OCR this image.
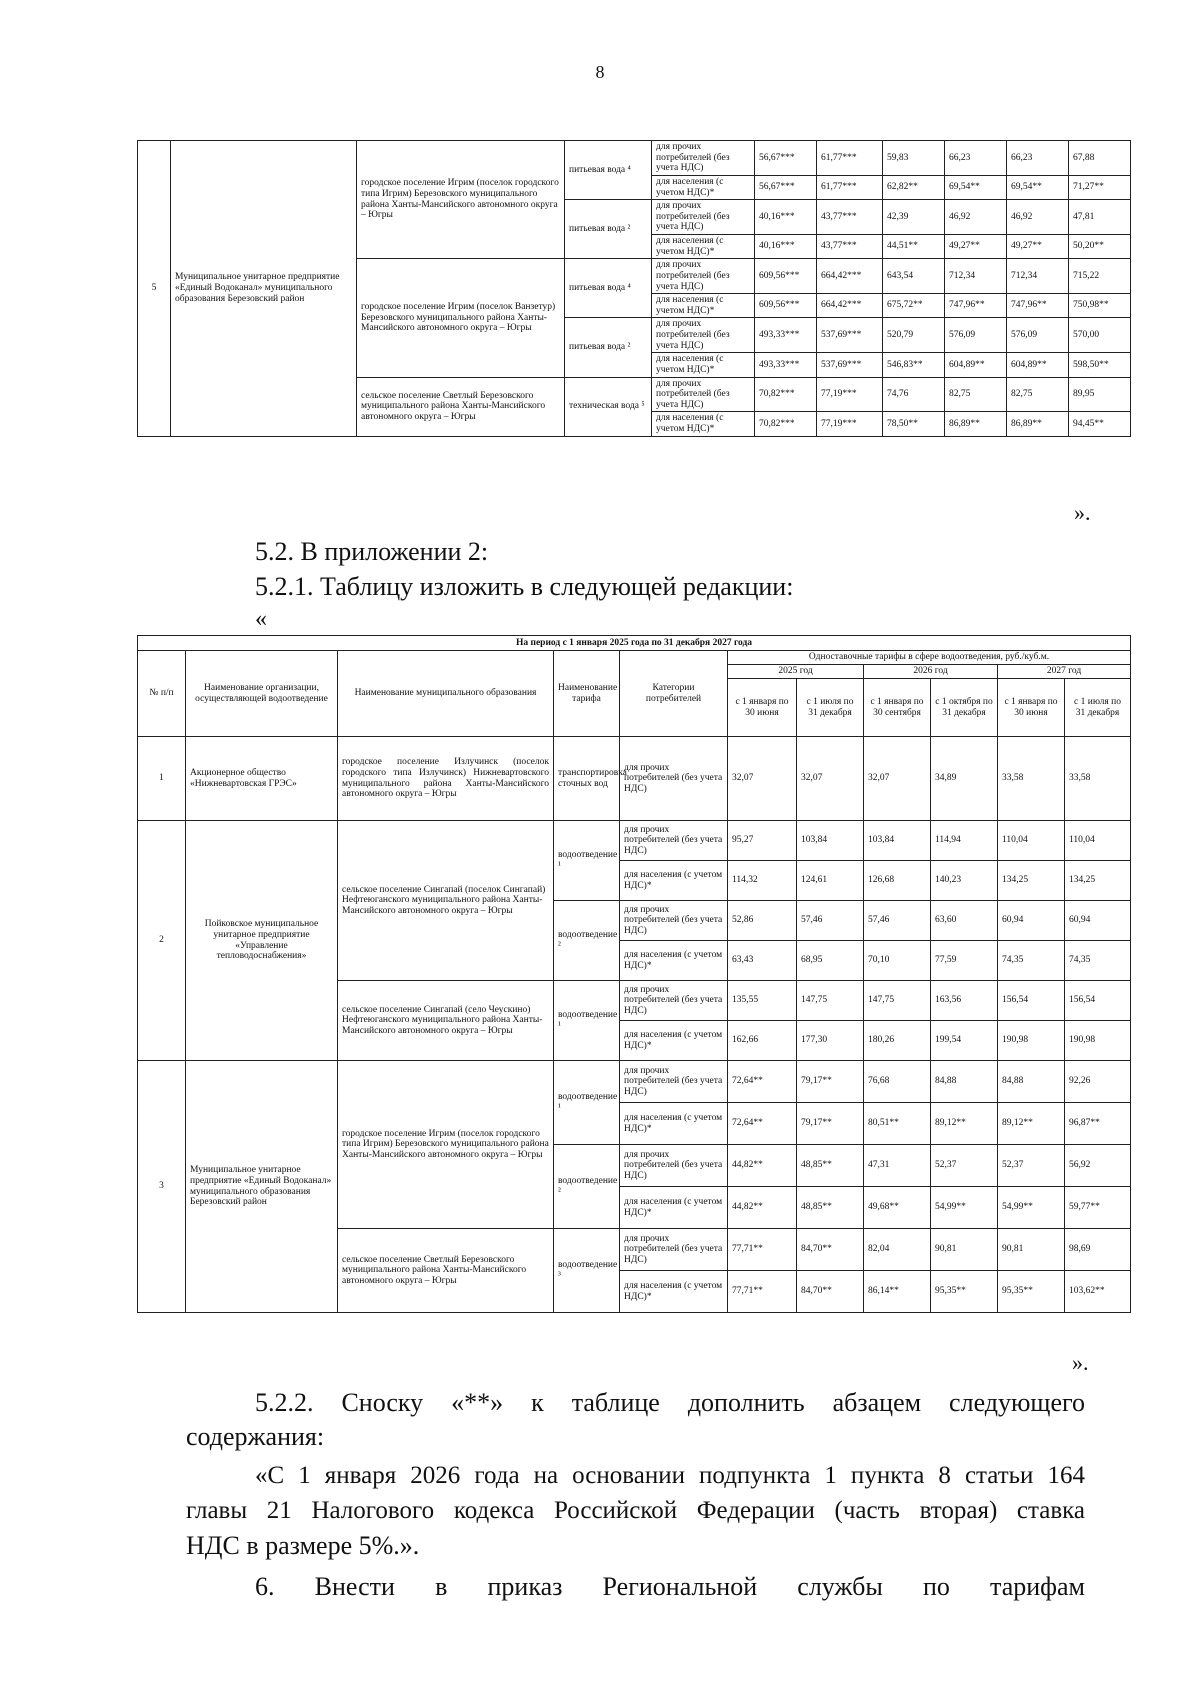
8
5	Муниципальное унитарное предприятие «Единый Водоканал» муниципального образования Березовский район	городское поселение Игрим (поселок городского типа Игрим) Березовского муниципального района Ханты-Мансийского автономного округа – Югры	питьевая вода ⁴	для прочих потребителей (без учета НДС)	56,67***	61,77***	59,83	66,23	66,23	67,88
				для населения (с учетом НДС)*	56,67***	61,77***	62,82**	69,54**	69,54**	71,27**
			питьевая вода ²	для прочих потребителей (без учета НДС)	40,16***	43,77***	42,39	46,92	46,92	47,81
				для населения (с учетом НДС)*	40,16***	43,77***	44,51**	49,27**	49,27**	50,20**
		городское поселение Игрим (поселок Ванзетур) Березовского муниципального района Ханты-Мансийского автономного округа – Югры	питьевая вода ⁴	для прочих потребителей (без учета НДС)	609,56***	664,42***	643,54	712,34	712,34	715,22
				для населения (с учетом НДС)*	609,56***	664,42***	675,72**	747,96**	747,96**	750,98**
			питьевая вода ²	для прочих потребителей (без учета НДС)	493,33***	537,69***	520,79	576,09	576,09	570,00
				для населения (с учетом НДС)*	493,33***	537,69***	546,83**	604,89**	604,89**	598,50**
		сельское поселение Светлый Березовского муниципального района Ханты-Мансийского автономного округа – Югры	техническая вода ⁵	для прочих потребителей (без учета НДС)	70,82***	77,19***	74,76	82,75	82,75	89,95
				для населения (с учетом НДС)*	70,82***	77,19***	78,50**	86,89**	86,89**	94,45**
».
5.2. В приложении 2:
5.2.1. Таблицу изложить в следующей редакции:
«
На период с 1 января 2025 года по 31 декабря 2027 года										
№ п/п	Наименование организации, осуществляющей водоотведение	Наименование муниципального образования	Наименование тарифа	Категории потребителей	Одноставочные тарифы в сфере водоотведения, руб./куб.м.					
					2025 год		2026 год		2027 год	
					с 1 января по 30 июня	с 1 июля по 31 декабря	с 1 января по 30 сентября	с 1 октября по 31 декабря	с 1 января по 30 июня	с 1 июля по 31 декабря
1	Акционерное общество «Нижневартовская ГРЭС»	городское поселение Излучинск (поселок городского типа Излучинск) Нижневартовского муниципального района Ханты-Мансийского автономного округа – Югры	транспортировка сточных вод	для прочих потребителей (без учета НДС)	32,07	32,07	32,07	34,89	33,58	33,58
2	Пойковское муниципальное унитарное предприятие «Управление тепловодоснабжения»	сельское поселение Сингапай (поселок Сингапай) Нефтеюганского муниципального района Ханты-Мансийского автономного округа – Югры	водоотведение ¹	для прочих потребителей (без учета НДС)	95,27	103,84	103,84	114,94	110,04	110,04
				для населения (с учетом НДС)*	114,32	124,61	126,68	140,23	134,25	134,25
			водоотведение ²	для прочих потребителей (без учета НДС)	52,86	57,46	57,46	63,60	60,94	60,94
				для населения (с учетом НДС)*	63,43	68,95	70,10	77,59	74,35	74,35
		сельское поселение Сингапай (село Чеускино) Нефтеюганского муниципального района Ханты-Мансийского автономного округа – Югры	водоотведение ¹	для прочих потребителей (без учета НДС)	135,55	147,75	147,75	163,56	156,54	156,54
				для населения (с учетом НДС)*	162,66	177,30	180,26	199,54	190,98	190,98
3	Муниципальное унитарное предприятие «Единый Водоканал» муниципального образования Березовский район	городское поселение Игрим (поселок городского типа Игрим) Березовского муниципального района Ханты-Мансийского автономного округа – Югры	водоотведение ¹	для прочих потребителей (без учета НДС)	72,64**	79,17**	76,68	84,88	84,88	92,26
				для населения (с учетом НДС)*	72,64**	79,17**	80,51**	89,12**	89,12**	96,87**
			водоотведение ²	для прочих потребителей (без учета НДС)	44,82**	48,85**	47,31	52,37	52,37	56,92
				для населения (с учетом НДС)*	44,82**	48,85**	49,68**	54,99**	54,99**	59,77**
		сельское поселение Светлый Березовского муниципального района Ханты-Мансийского автономного округа – Югры	водоотведение ³	для прочих потребителей (без учета НДС)	77,71**	84,70**	82,04	90,81	90,81	98,69
				для населения (с учетом НДС)*	77,71**	84,70**	86,14**	95,35**	95,35**	103,62**
».
5.2.2. Сноску «**» к таблице дополнить абзацем следующего
содержания:
«С 1 января 2026 года на основании подпункта 1 пункта 8 статьи 164
главы 21 Налогового кодекса Российской Федерации (часть вторая) ставка
НДС в размере 5%.».
6. Внести в приказ Региональной службы по тарифам
